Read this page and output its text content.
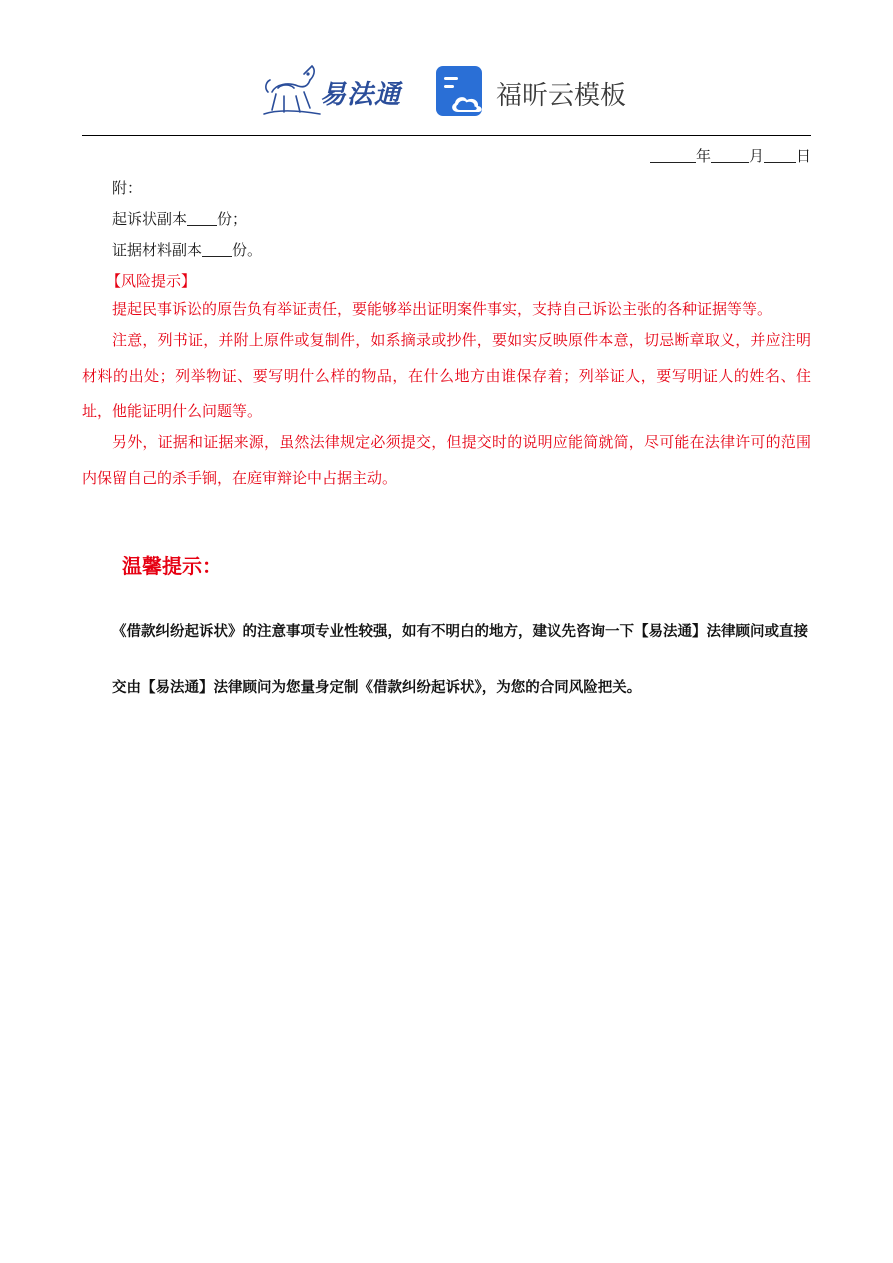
易法通	福昕云模板
年	月 日
附：
起诉状副本 份；
证据材料副本 份。
【风险提示】

提起民事诉讼的原告负有举证责任，要能够举出证明案件事实，支持自己诉讼主张的各种证据等等。

注意，列书证，并附上原件或复制件，如系摘录或抄件，要如实反映原件本意，切忌断章取义，并应注明材料的出处；列举物证、要写明什么样的物品，在什么地方由谁保存着；列举证人，要写明证人的姓名、住址，他能证明什么问题等。

另外，证据和证据来源，虽然法律规定必须提交，但提交时的说明应能简就简，尽可能在法律许可的范围内保留自己的杀手锏，在庭审辩论中占据主动。

温馨提示：

《借款纠纷起诉状》的注意事项专业性较强，如有不明白的地方，建议先咨询一下【易法通】法律顾问或直接交由【易法通】法律顾问为您量身定制《借款纠纷起诉状》，为您的合同风险把关。
